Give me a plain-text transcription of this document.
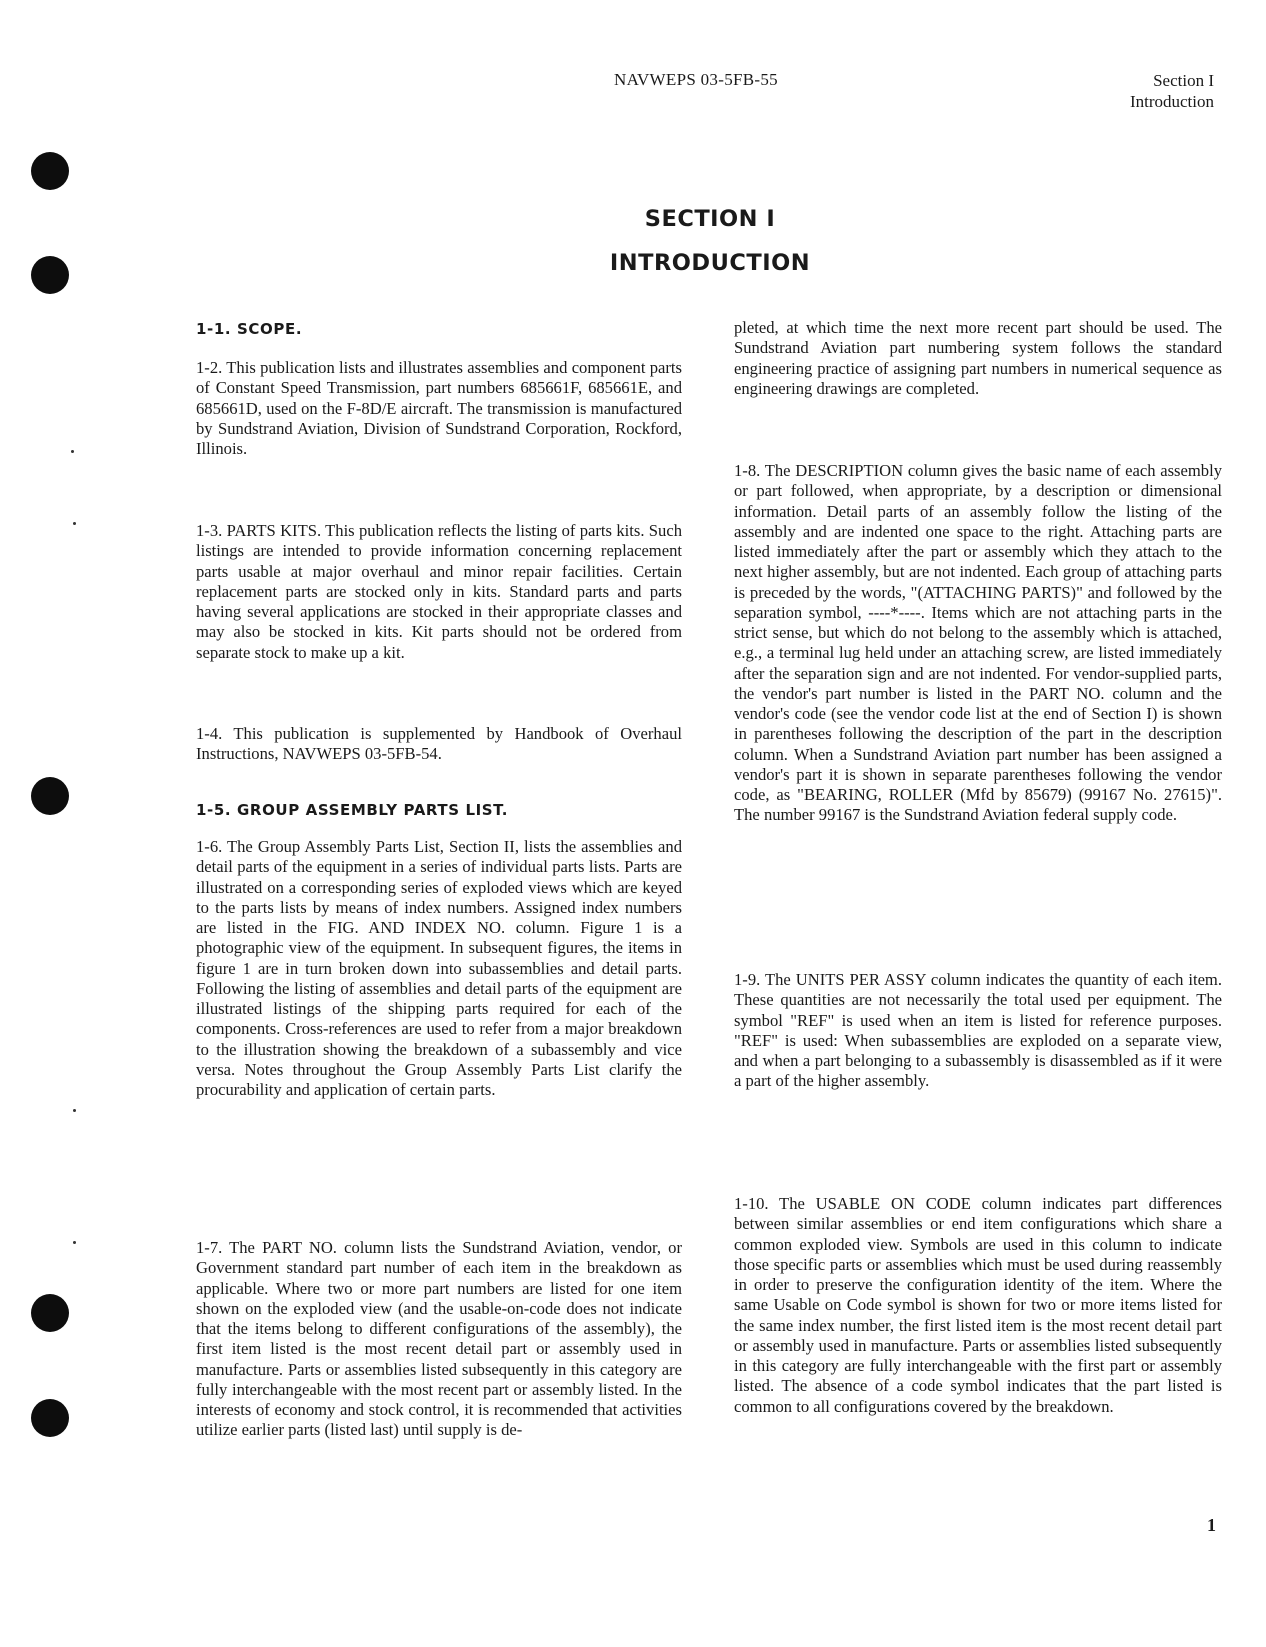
NAVWEPS 03-5FB-55	Section I
Introduction
SECTION I
INTRODUCTION
1-1. SCOPE.

1-2. This publication lists and illustrates assemblies and component parts of Constant Speed Transmission, part numbers 685661F, 685661E, and 685661D, used on the F-8D/E aircraft. The transmission is manufactured by Sundstrand Aviation, Division of Sundstrand Corporation, Rockford, Illinois.

1-3. PARTS KITS. This publication reflects the listing of parts kits. Such listings are intended to provide information concerning replacement parts usable at major overhaul and minor repair facilities. Certain replacement parts are stocked only in kits. Standard parts and parts having several applications are stocked in their appropriate classes and may also be stocked in kits. Kit parts should not be ordered from separate stock to make up a kit.

1-4. This publication is supplemented by Handbook of Overhaul Instructions, NAVWEPS 03-5FB-54.

1-5. GROUP ASSEMBLY PARTS LIST.

1-6. The Group Assembly Parts List, Section II, lists the assemblies and detail parts of the equipment in a series of individual parts lists. Parts are illustrated on a corresponding series of exploded views which are keyed to the parts lists by means of index numbers. Assigned index numbers are listed in the FIG. AND INDEX NO. column. Figure 1 is a photographic view of the equipment. In subsequent figures, the items in figure 1 are in turn broken down into subassemblies and detail parts. Following the listing of assemblies and detail parts of the equipment are illustrated listings of the shipping parts required for each of the components. Cross-references are used to refer from a major breakdown to the illustration showing the breakdown of a subassembly and vice versa. Notes throughout the Group Assembly Parts List clarify the procurability and application of certain parts.

1-7. The PART NO. column lists the Sundstrand Aviation, vendor, or Government standard part number of each item in the breakdown as applicable. Where two or more part numbers are listed for one item shown on the exploded view (and the usable-on-code does not indicate that the items belong to different configurations of the assembly), the first item listed is the most recent detail part or assembly used in manufacture. Parts or assemblies listed subsequently in this category are fully interchangeable with the most recent part or assembly listed. In the interests of economy and stock control, it is recommended that activities utilize earlier parts (listed last) until supply is de-

pleted, at which time the next more recent part should be used. The Sundstrand Aviation part numbering system follows the standard engineering practice of assigning part numbers in numerical sequence as engineering drawings are completed.

1-8. The DESCRIPTION column gives the basic name of each assembly or part followed, when appropriate, by a description or dimensional information. Detail parts of an assembly follow the listing of the assembly and are indented one space to the right. Attaching parts are listed immediately after the part or assembly which they attach to the next higher assembly, but are not indented. Each group of attaching parts is preceded by the words, "(ATTACHING PARTS)" and followed by the separation symbol, ----*----. Items which are not attaching parts in the strict sense, but which do not belong to the assembly which is attached, e.g., a terminal lug held under an attaching screw, are listed immediately after the separation sign and are not indented. For vendor-supplied parts, the vendor's part number is listed in the PART NO. column and the vendor's code (see the vendor code list at the end of Section I) is shown in parentheses following the description of the part in the description column. When a Sundstrand Aviation part number has been assigned a vendor's part it is shown in separate parentheses following the vendor code, as "BEARING, ROLLER (Mfd by 85679) (99167 No. 27615)". The number 99167 is the Sundstrand Aviation federal supply code.

1-9. The UNITS PER ASSY column indicates the quantity of each item. These quantities are not necessarily the total used per equipment. The symbol "REF" is used when an item is listed for reference purposes. "REF" is used: When subassemblies are exploded on a separate view, and when a part belonging to a subassembly is disassembled as if it were a part of the higher assembly.

1-10. The USABLE ON CODE column indicates part differences between similar assemblies or end item configurations which share a common exploded view. Symbols are used in this column to indicate those specific parts or assemblies which must be used during reassembly in order to preserve the configuration identity of the item. Where the same Usable on Code symbol is shown for two or more items listed for the same index number, the first listed item is the most recent detail part or assembly used in manufacture. Parts or assemblies listed subsequently in this category are fully interchangeable with the first part or assembly listed. The absence of a code symbol indicates that the part listed is common to all configurations covered by the breakdown.

1
